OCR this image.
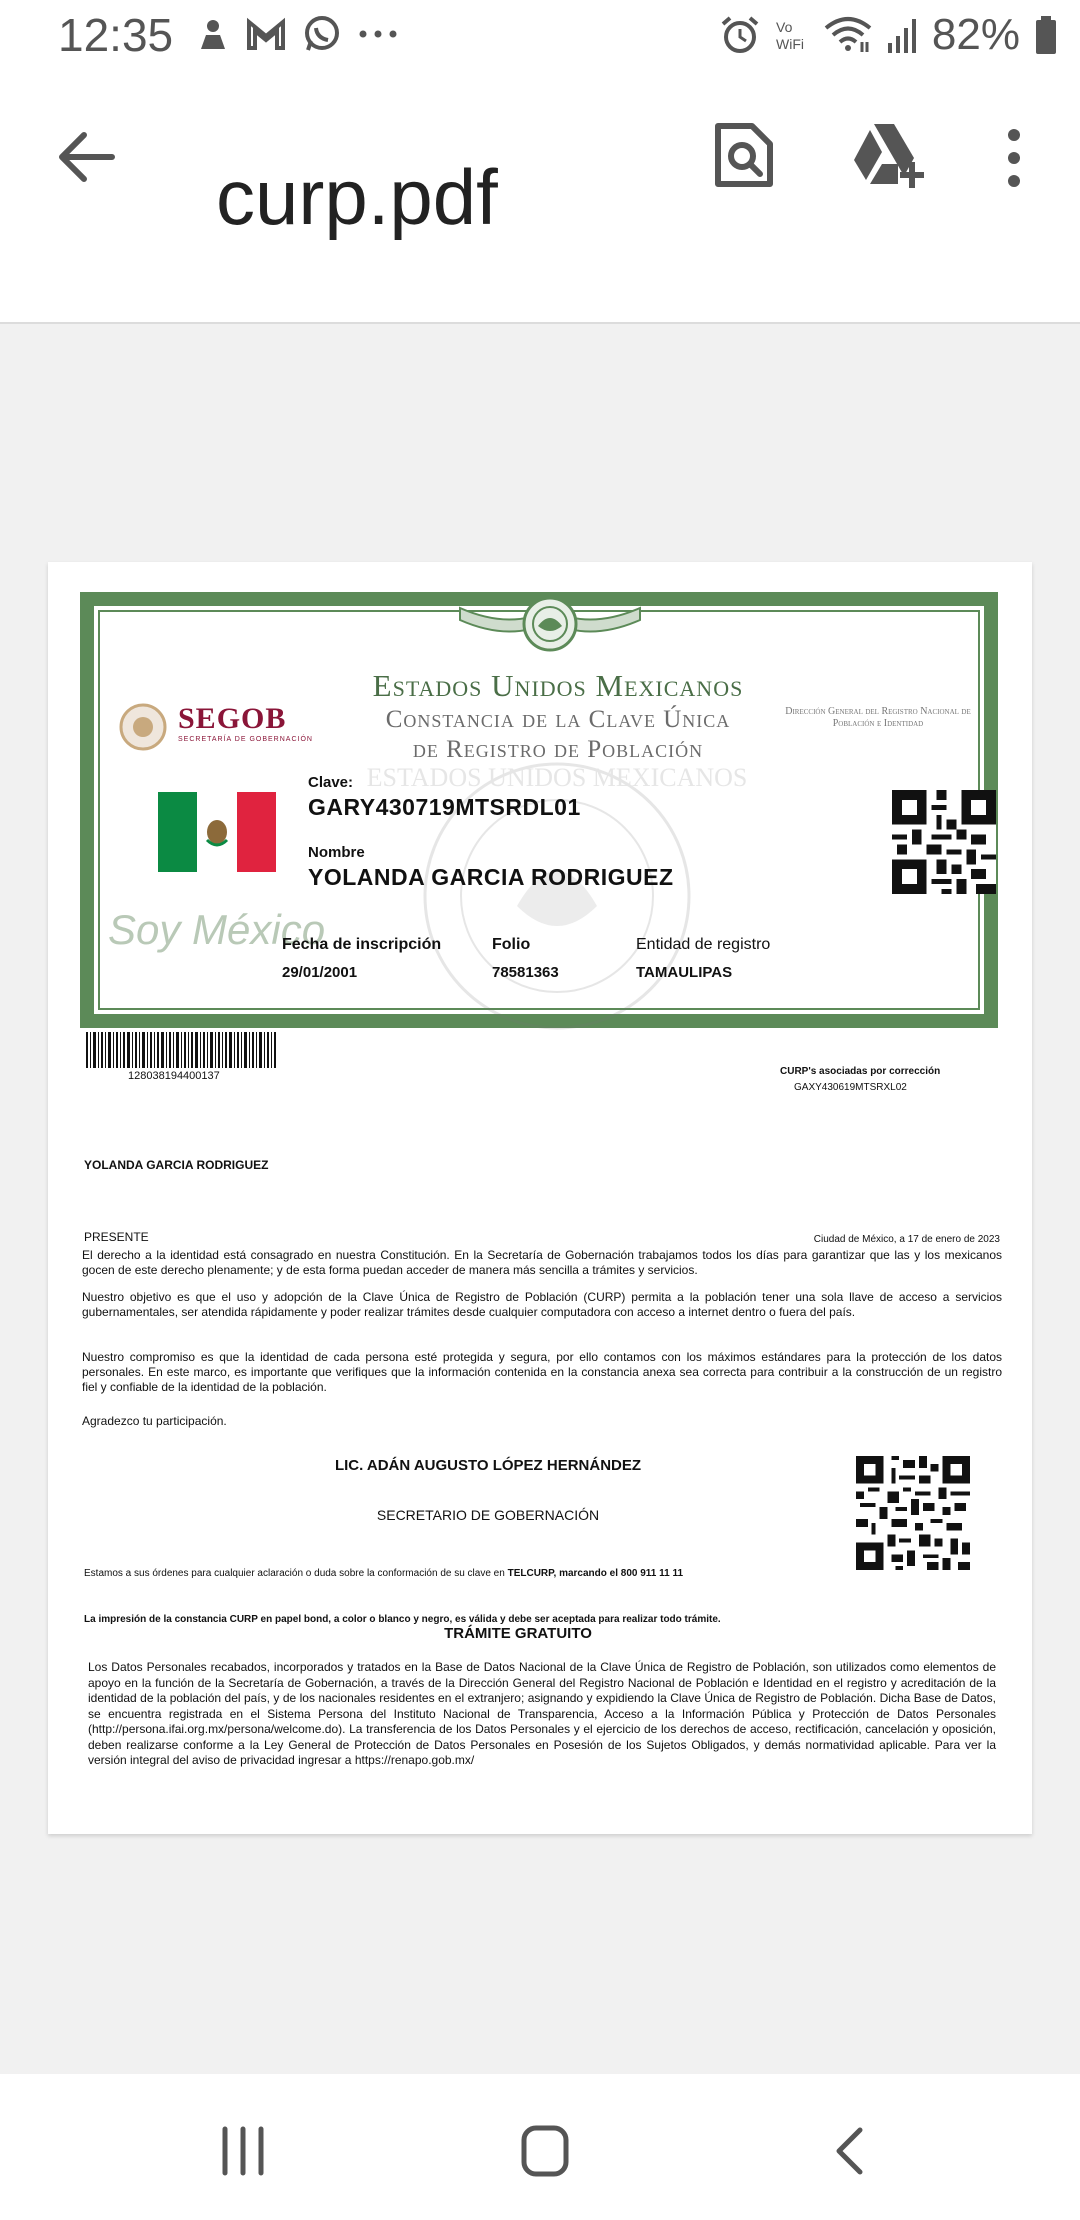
12:35	Vo
WiFi	82%
curp.pdf
ESTADOS UNIDOS MEXICANOS
SEGOB
SECRETARÍA DE GOBERNACIÓN
Estados Unidos Mexicanos
Constancia de la Clave Única
de Registro de Población
Dirección General del Registro Nacional de Población e Identidad
Soy México
Clave:
GARY430719MTSRDL01
Nombre
YOLANDA GARCIA RODRIGUEZ
Fecha de inscripción
29/01/2001
Folio
78581363
Entidad de registro
TAMAULIPAS
128038194400137	CURP's asociadas por corrección
GAXY430619MTSRXL02
YOLANDA GARCIA RODRIGUEZ
PRESENTE	Ciudad de México, a 17 de enero de 2023

El derecho a la identidad está consagrado en nuestra Constitución. En la Secretaría de Gobernación trabajamos todos los días para garantizar que las y los mexicanos gocen de este derecho plenamente; y de esta forma puedan acceder de manera más sencilla a trámites y servicios.

Nuestro objetivo es que el uso y adopción de la Clave Única de Registro de Población (CURP) permita a la población tener una sola llave de acceso a servicios gubernamentales, ser atendida rápidamente y poder realizar trámites desde cualquier computadora con acceso a internet dentro o fuera del país.

Nuestro compromiso es que la identidad de cada persona esté protegida y segura, por ello contamos con los máximos estándares para la protección de los datos personales. En este marco, es importante que verifiques que la información contenida en la constancia anexa sea correcta para contribuir a la construcción de un registro fiel y confiable de la identidad de la población.

Agradezco tu participación.
LIC. ADÁN AUGUSTO LÓPEZ HERNÁNDEZ
SECRETARIO DE GOBERNACIÓN
Estamos a sus órdenes para cualquier aclaración o duda sobre la conformación de su clave en TELCURP, marcando el 800 911 11 11
La impresión de la constancia CURP en papel bond, a color o blanco y negro, es válida y debe ser aceptada para realizar todo trámite.
TRÁMITE GRATUITO

Los Datos Personales recabados, incorporados y tratados en la Base de Datos Nacional de la Clave Única de Registro de Población, son utilizados como elementos de apoyo en la función de la Secretaría de Gobernación, a través de la Dirección General del Registro Nacional de Población e Identidad en el registro y acreditación de la identidad de la población del país, y de los nacionales residentes en el extranjero; asignando y expidiendo la Clave Única de Registro de Población. Dicha Base de Datos, se encuentra registrada en el Sistema Persona del Instituto Nacional de Transparencia, Acceso a la Información Pública y Protección de Datos Personales (http://persona.ifai.org.mx/persona/welcome.do). La transferencia de los Datos Personales y el ejercicio de los derechos de acceso, rectificación, cancelación y oposición, deben realizarse conforme a la Ley General de Protección de Datos Personales en Posesión de los Sujetos Obligados, y demás normatividad aplicable. Para ver la versión integral del aviso de privacidad ingresar a https://renapo.gob.mx/
